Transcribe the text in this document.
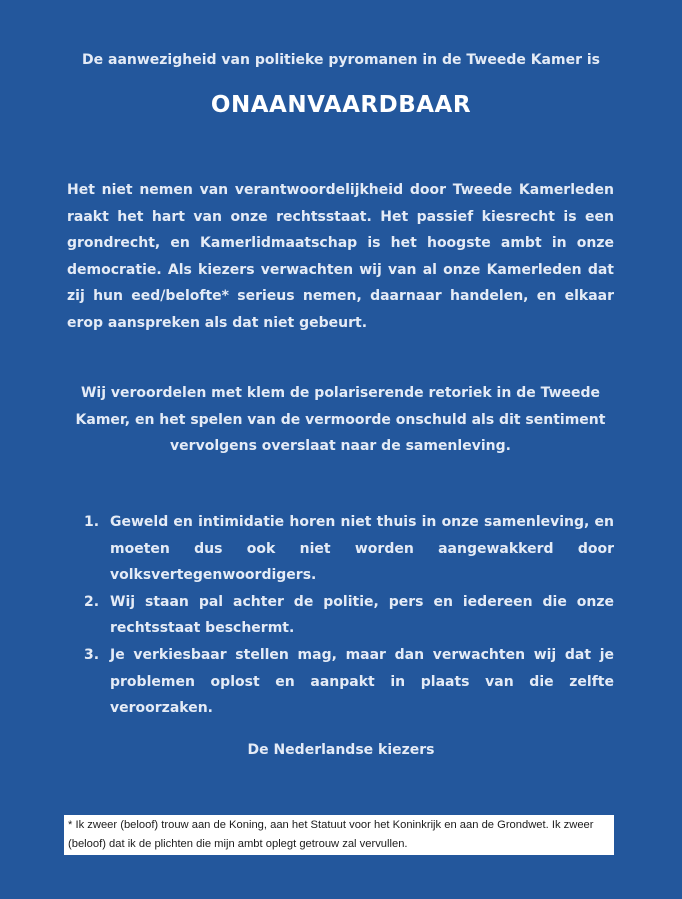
De aanwezigheid van politieke pyromanen in de Tweede Kamer is
ONAANVAARDBAAR

Het niet nemen van verantwoordelijkheid door Tweede Kamerleden raakt het hart van onze rechtsstaat. Het passief kiesrecht is een grondrecht, en Kamerlidmaatschap is het hoogste ambt in onze democratie. Als kiezers verwachten wij van al onze Kamerleden dat zij hun eed/belofte* serieus nemen, daarnaar handelen, en elkaar erop aanspreken als dat niet gebeurt.

Wij veroordelen met klem de polariserende retoriek in de Tweede Kamer, en het spelen van de vermoorde onschuld als dit sentiment vervolgens overslaat naar de samenleving.

1. Geweld en intimidatie horen niet thuis in onze samenleving, en moeten dus ook niet worden aangewakkerd door volksvertegenwoordigers.
2. Wij staan pal achter de politie, pers en iedereen die onze rechtsstaat beschermt.
3. Je verkiesbaar stellen mag, maar dan verwachten wij dat je problemen oplost en aanpakt in plaats van die zelfte veroorzaken.
De Nederlandse kiezers
* Ik zweer (beloof) trouw aan de Koning, aan het Statuut voor het Koninkrijk en aan de Grondwet. Ik zweer (beloof) dat ik de plichten die mijn ambt oplegt getrouw zal vervullen.
